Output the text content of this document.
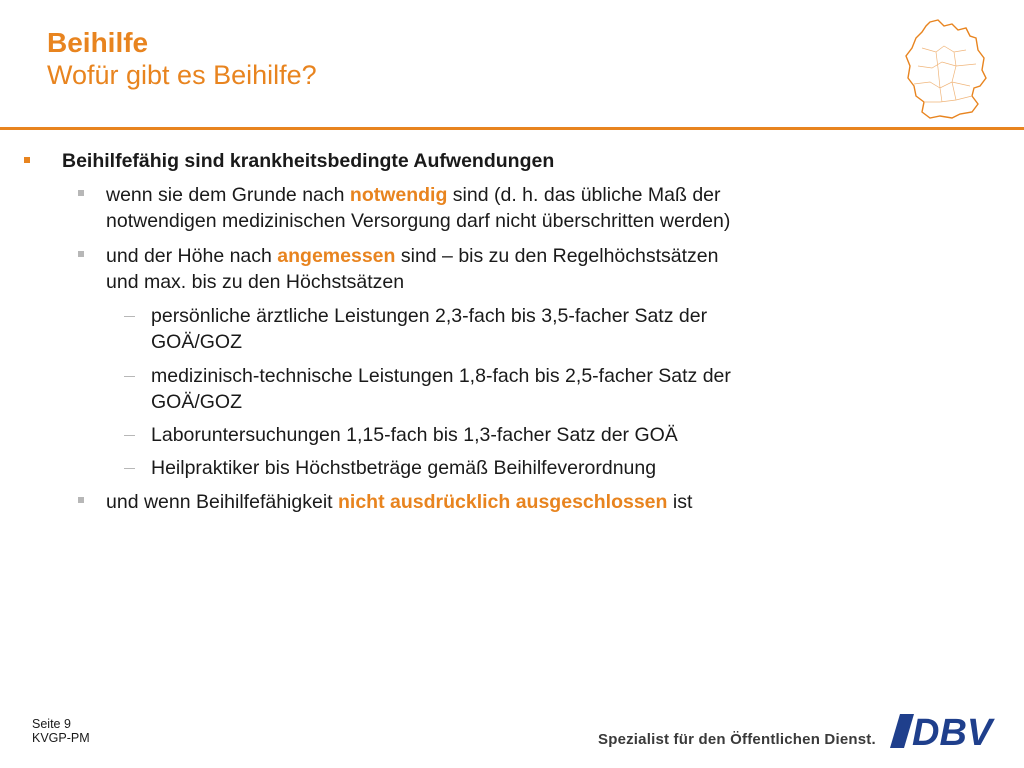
Beihilfe
Wofür gibt es Beihilfe?
Beihilfefähig sind krankheitsbedingte Aufwendungen
wenn sie dem Grunde nach notwendig sind (d. h. das übliche Maß der
notwendigen medizinischen Versorgung darf nicht überschritten werden)
und der Höhe nach angemessen sind – bis zu den Regelhöchstsätzen
und max. bis zu den Höchstsätzen
persönliche ärztliche Leistungen 2,3-fach bis 3,5-facher Satz der
GOÄ/GOZ
medizinisch-technische Leistungen 1,8-fach bis 2,5-facher Satz der
GOÄ/GOZ
Laboruntersuchungen 1,15-fach bis 1,3-facher Satz der GOÄ
Heilpraktiker bis Höchstbeträge gemäß Beihilfeverordnung
und wenn Beihilfefähigkeit nicht ausdrücklich ausgeschlossen ist
Seite 9
KVGP-PM	Spezialist für den Öffentlichen Dienst. DBV
